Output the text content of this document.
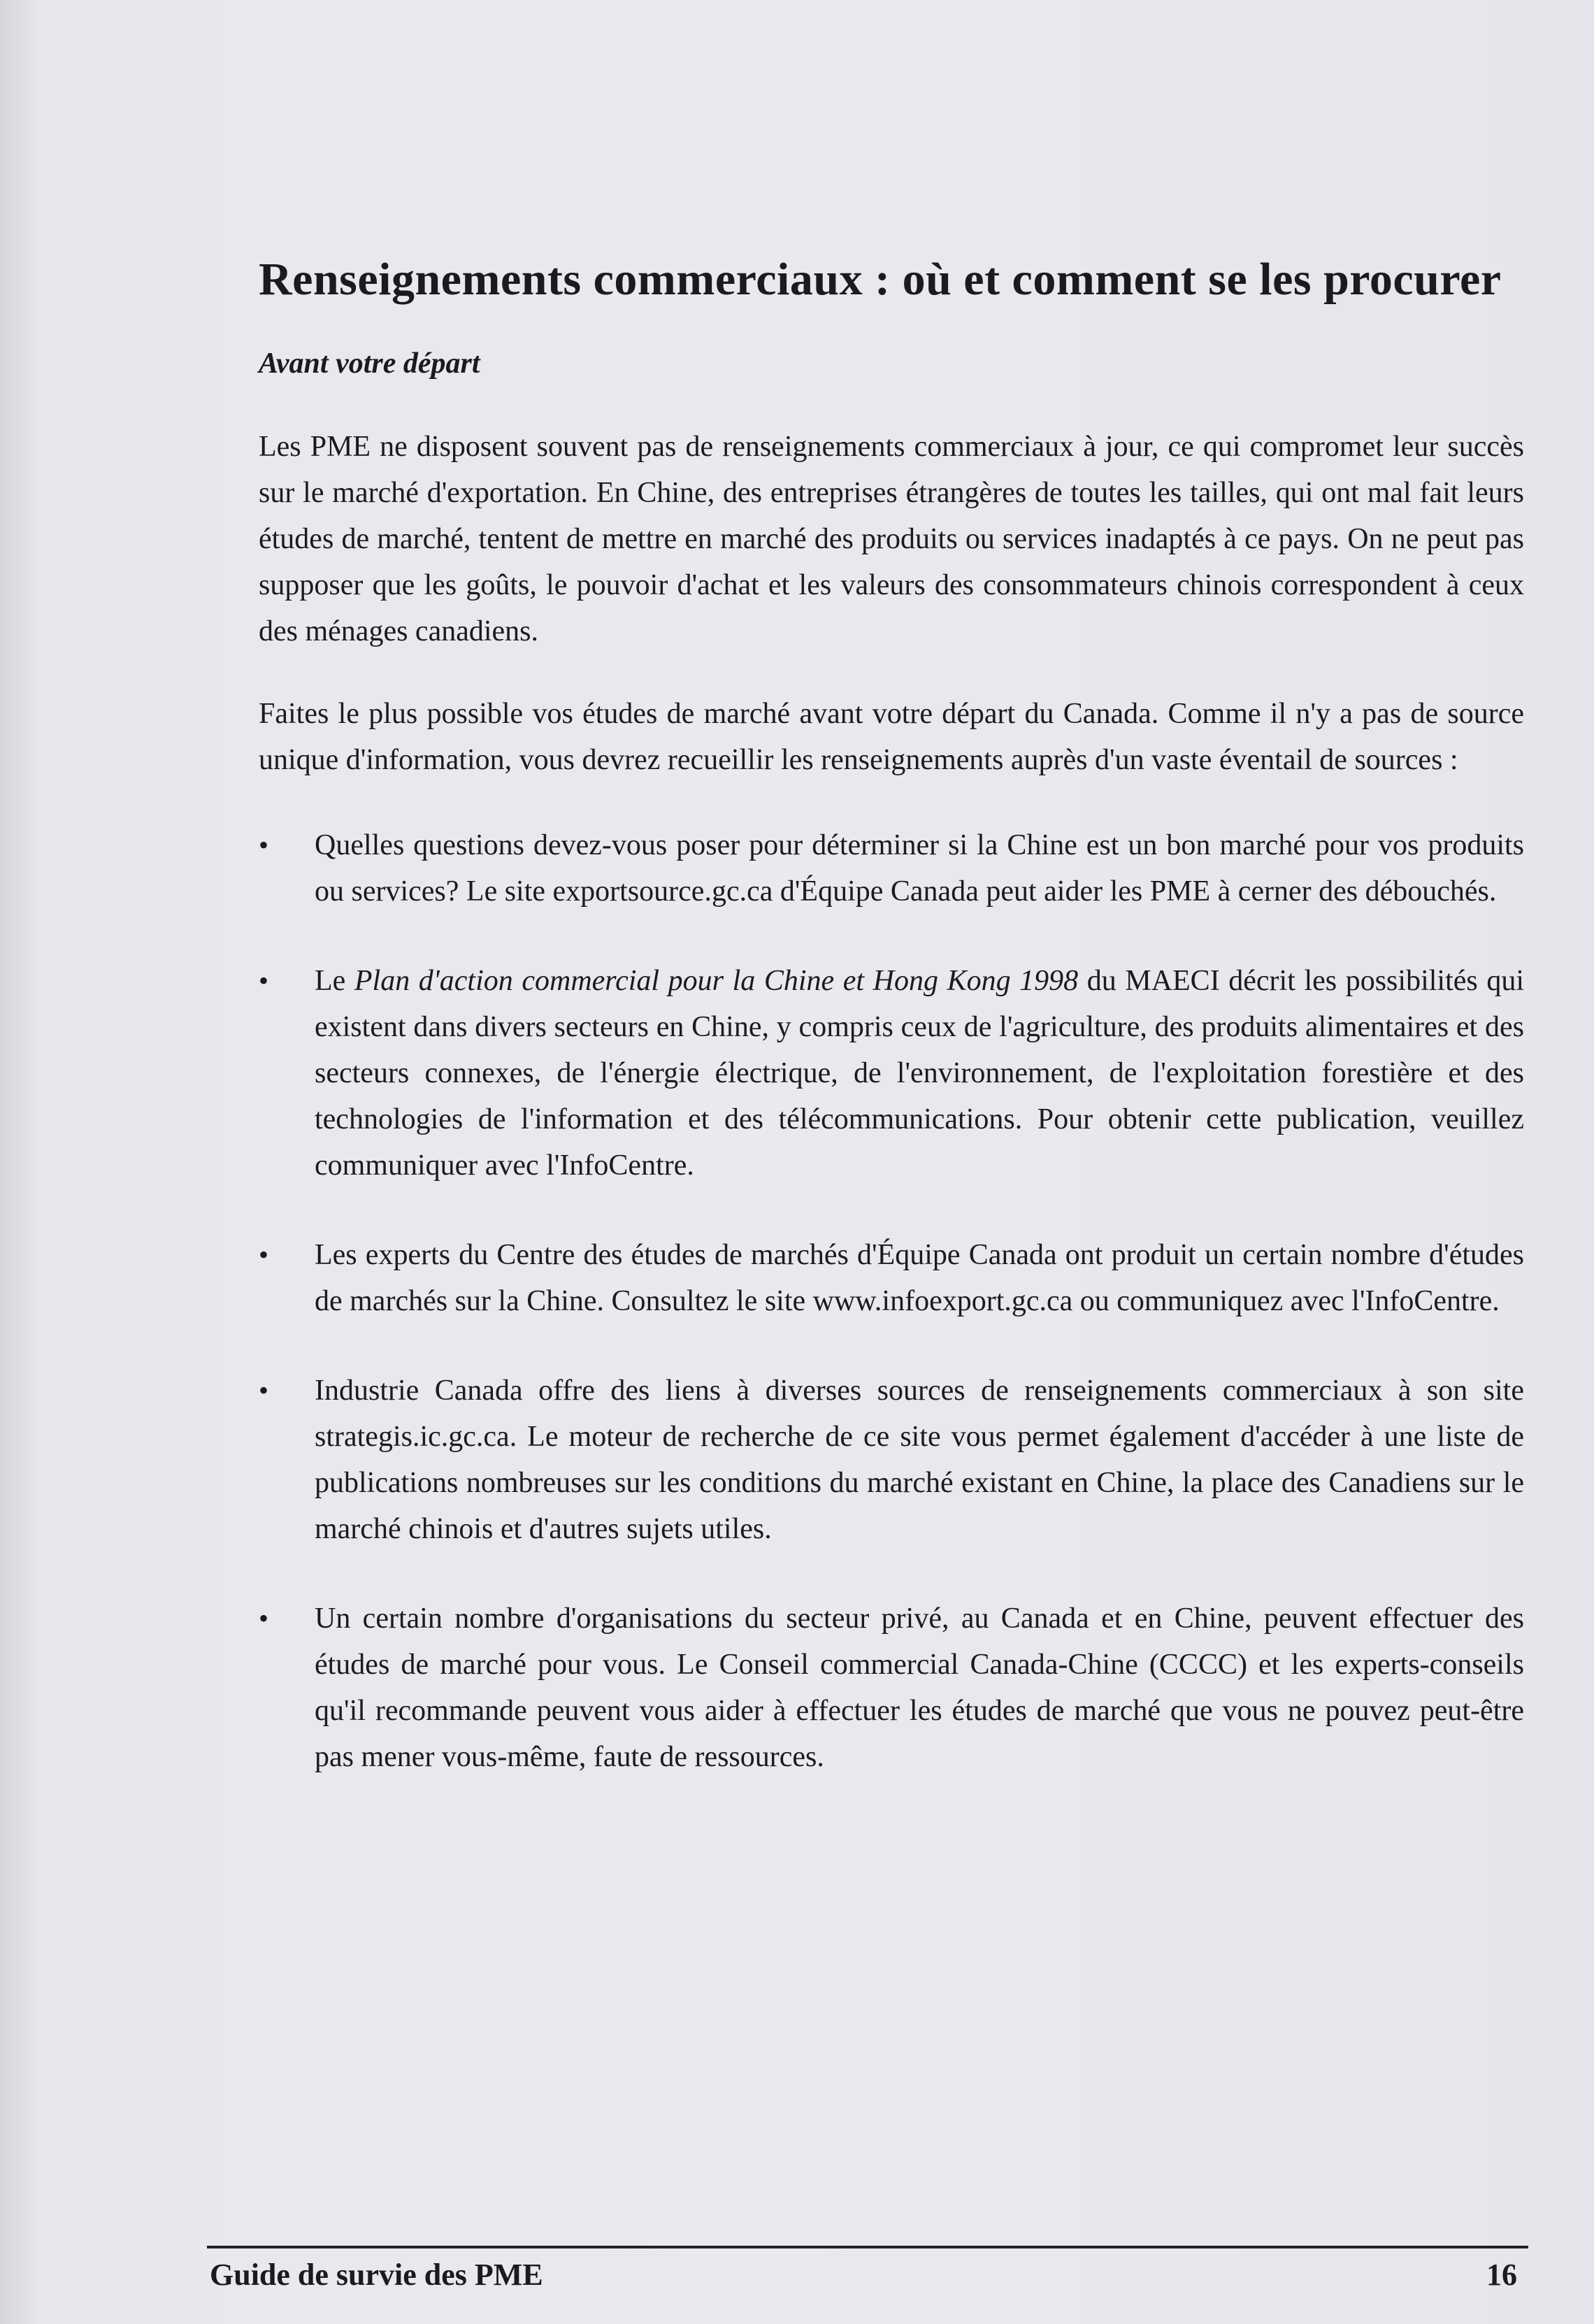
Renseignements commerciaux : où et comment se les procurer
Avant votre départ

Les PME ne disposent souvent pas de renseignements commerciaux à jour, ce qui compromet leur succès sur le marché d'exportation. En Chine, des entreprises étrangères de toutes les tailles, qui ont mal fait leurs études de marché, tentent de mettre en marché des produits ou services inadaptés à ce pays. On ne peut pas supposer que les goûts, le pouvoir d'achat et les valeurs des consommateurs chinois correspondent à ceux des ménages canadiens.

Faites le plus possible vos études de marché avant votre départ du Canada. Comme il n'y a pas de source unique d'information, vous devrez recueillir les renseignements auprès d'un vaste éventail de sources :

•	Quelles questions devez-vous poser pour déterminer si la Chine est un bon marché pour vos produits ou services? Le site exportsource.gc.ca d'Équipe Canada peut aider les PME à cerner des débouchés.
•	Le Plan d'action commercial pour la Chine et Hong Kong 1998 du MAECI décrit les possibilités qui existent dans divers secteurs en Chine, y compris ceux de l'agriculture, des produits alimentaires et des secteurs connexes, de l'énergie électrique, de l'environnement, de l'exploitation forestière et des technologies de l'information et des télécommunications. Pour obtenir cette publication, veuillez communiquer avec l'InfoCentre.
•	Les experts du Centre des études de marchés d'Équipe Canada ont produit un certain nombre d'études de marchés sur la Chine. Consultez le site www.infoexport.gc.ca ou communiquez avec l'InfoCentre.
•	Industrie Canada offre des liens à diverses sources de renseignements commerciaux à son site strategis.ic.gc.ca. Le moteur de recherche de ce site vous permet également d'accéder à une liste de publications nombreuses sur les conditions du marché existant en Chine, la place des Canadiens sur le marché chinois et d'autres sujets utiles.
•	Un certain nombre d'organisations du secteur privé, au Canada et en Chine, peuvent effectuer des études de marché pour vous. Le Conseil commercial Canada-Chine (CCCC) et les experts-conseils qu'il recommande peuvent vous aider à effectuer les études de marché que vous ne pouvez peut-être pas mener vous-même, faute de ressources.
Guide de survie des PME	16
